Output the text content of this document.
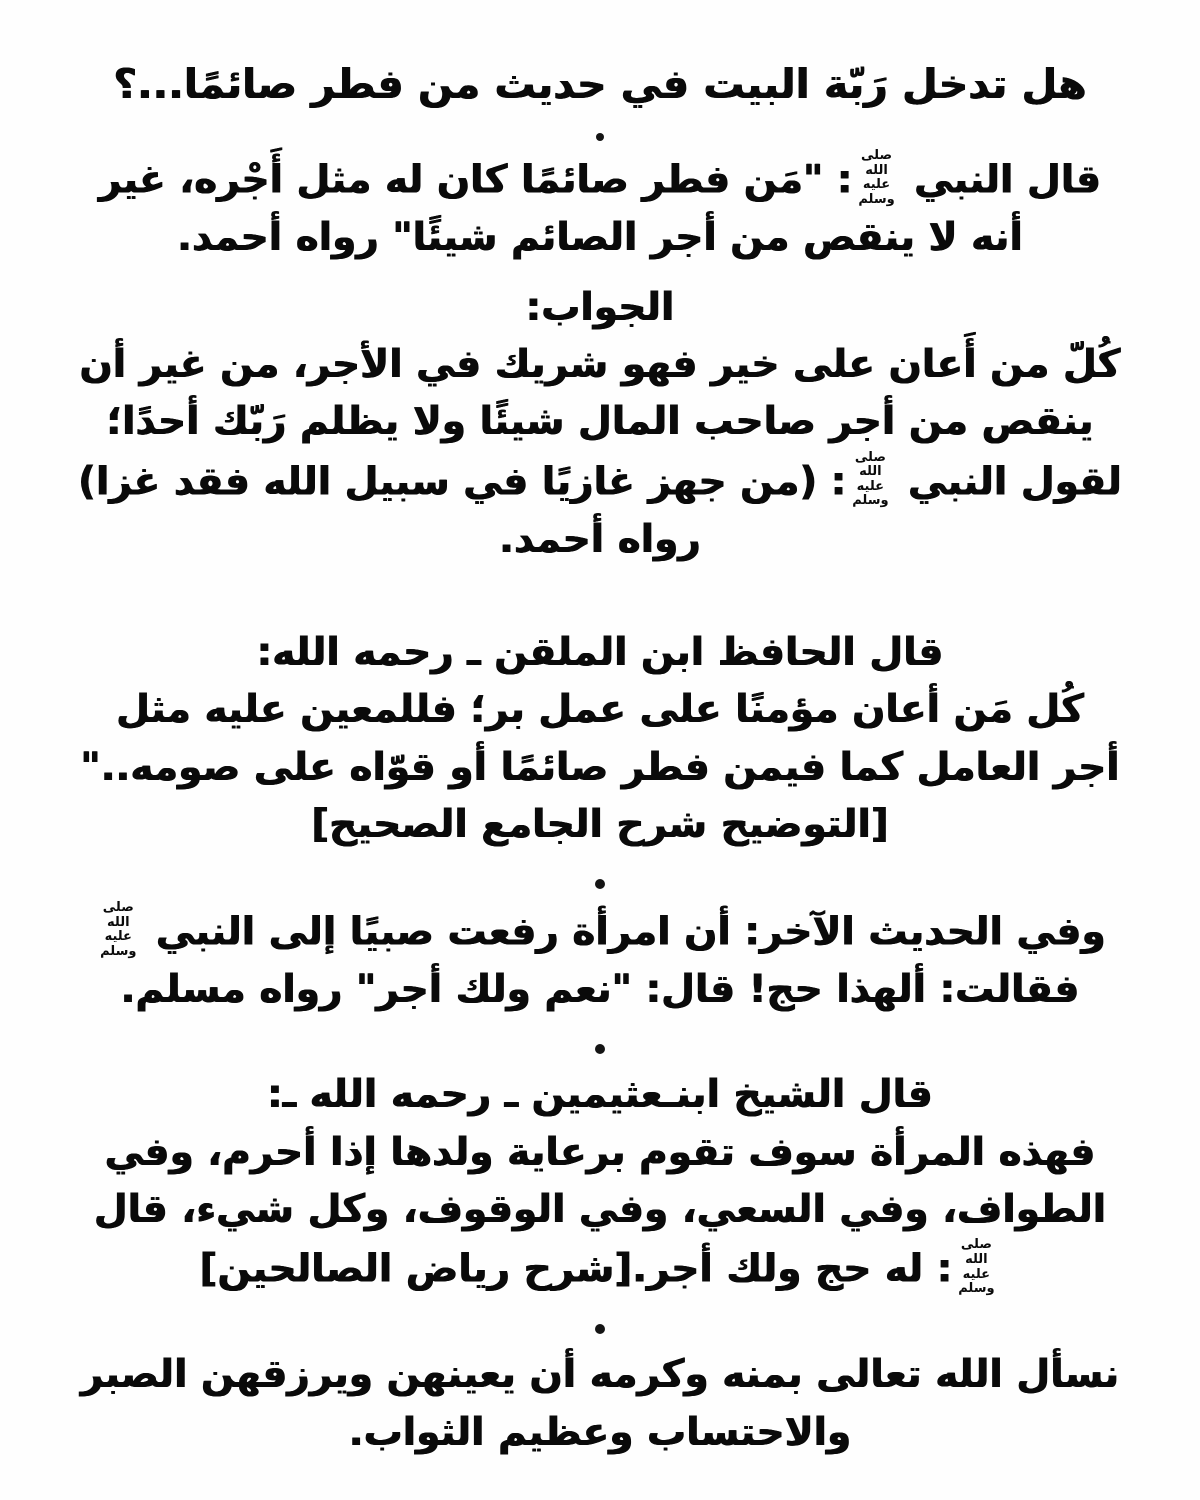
هل تدخل رَبّة البيت في حديث من فطر صائمًا...؟
قال النبي صلى الله عليه وسلم: "مَن فطر صائمًا كان له مثل أَجْره، غير أنه لا ينقص من أجر الصائم شيئًا" رواه أحمد.
الجواب:
كُلّ من أَعان على خير فهو شريك في الأجر، من غير أن ينقص من أجر صاحب المال شيئًا ولا يظلم رَبّك أحدًا؛ لقول النبي صلى الله عليه وسلم: (من جهز غازيًا في سبيل الله فقد غزا) رواه أحمد.
قال الحافظ ابن الملقن ـ رحمه الله:
كُل مَن أعان مؤمنًا على عمل بر؛ فللمعين عليه مثل أجر العامل كما فيمن فطر صائمًا أو قوّاه على صومه.."[التوضيح شرح الجامع الصحيح]
وفي الحديث الآخر: أن امرأة رفعت صبيًا إلى النبي صلى الله عليه وسلم فقالت: ألهذا حج! قال: "نعم ولك أجر" رواه مسلم.
قال الشيخ ابنـعثيمين ـ رحمه الله ـ:
فهذه المرأة سوف تقوم برعاية ولدها إذا أحرم، وفي الطواف، وفي السعي، وفي الوقوف، وكل شيء، قال صلى الله عليه وسلم: له حج ولك أجر.[شرح رياض الصالحين]
نسأل الله تعالى بمنه وكرمه أن يعينهن ويرزقهن الصبر والاحتساب وعظيم الثواب.
